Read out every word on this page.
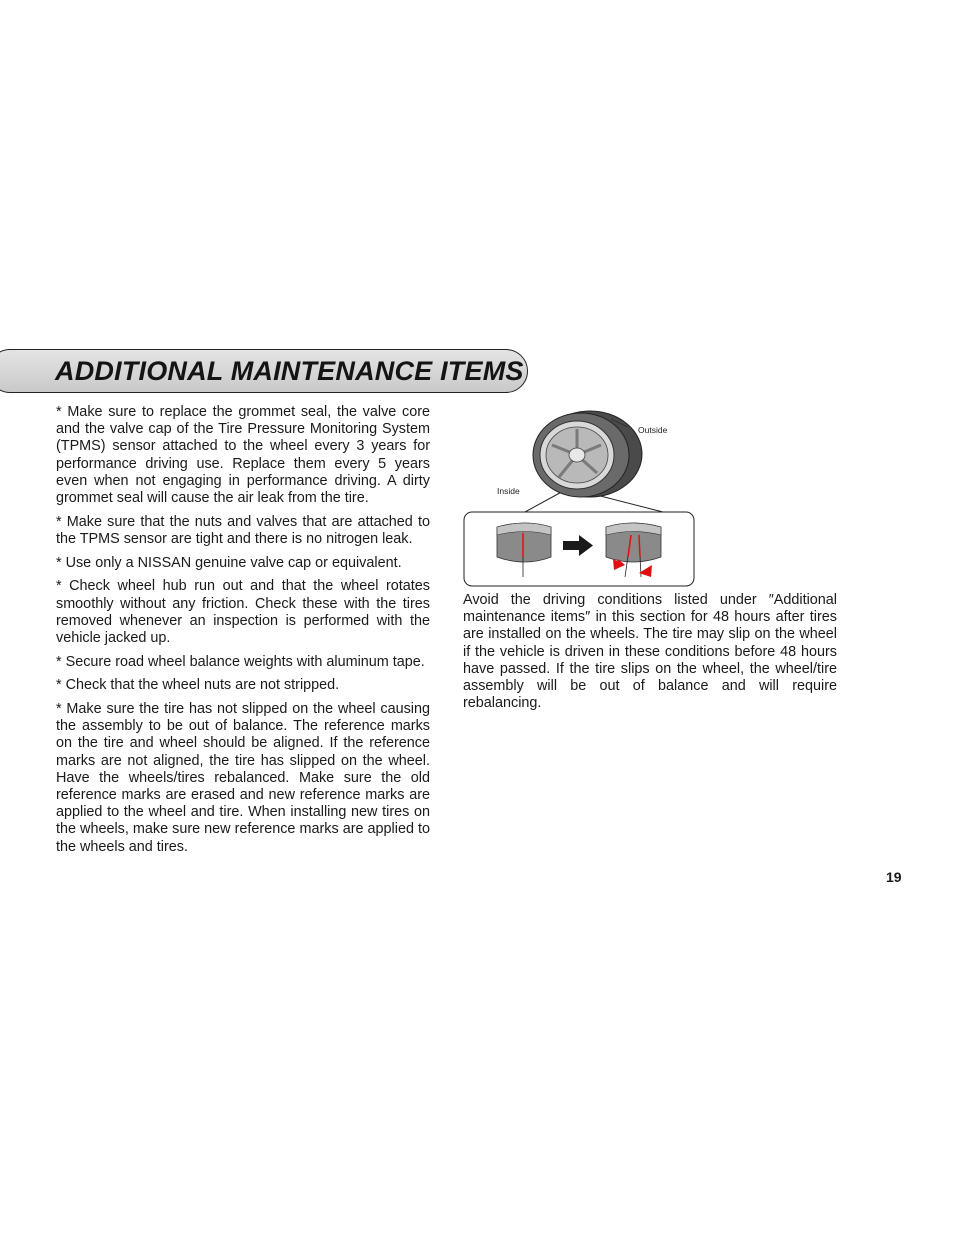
ADDITIONAL MAINTENANCE ITEMS

* Make sure to replace the grommet seal, the valve core and the valve cap of the Tire Pressure Monitoring System (TPMS) sensor attached to the wheel every 3 years for performance driving use. Replace them every 5 years even when not engaging in performance driving. A dirty grommet seal will cause the air leak from the tire.

* Make sure that the nuts and valves that are attached to the TPMS sensor are tight and there is no nitrogen leak.

* Use only a NISSAN genuine valve cap or equivalent.

* Check wheel hub run out and that the wheel rotates smoothly without any friction. Check these with the tires removed whenever an inspection is performed with the vehicle jacked up.

* Secure road wheel balance weights with aluminum tape.

* Check that the wheel nuts are not stripped.

* Make sure the tire has not slipped on the wheel causing the assembly to be out of balance. The reference marks on the tire and wheel should be aligned. If the reference marks are not aligned, the tire has slipped on the wheel. Have the wheels/tires rebalanced. Make sure the old reference marks are erased and new reference marks are applied to the wheel and tire. When installing new tires on the wheels, make sure new reference marks are applied to the wheels and tires.

Outside
Inside

Avoid the driving conditions listed under ″Additional maintenance items″ in this section for 48 hours after tires are installed on the wheels. The tire may slip on the wheel if the vehicle is driven in these conditions before 48 hours have passed. If the tire slips on the wheel, the wheel/tire assembly will be out of balance and will require rebalancing.

19
